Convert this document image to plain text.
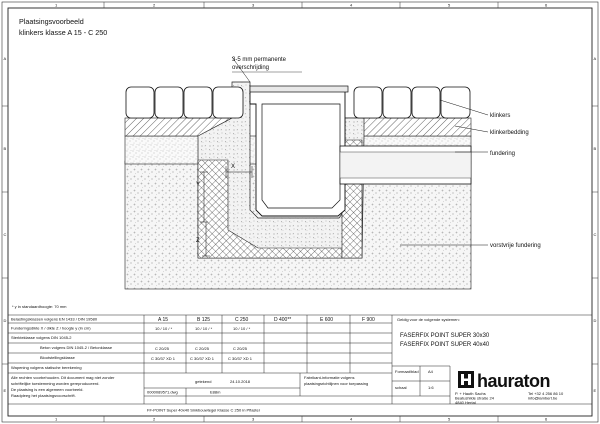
1	2	3	4	5	6
1	2	3	4	5	6
A
B
C
D
E
A
B
C
D
E
Plaatsingsvoorbeeld
klinkers klasse A 15 - C 250
X
Y
Z
3-5 mm permanente
overschrijding
klinkers
klinkerbedding
fundering
vorstvrije fundering
* y in standaardhoogte: 70 mm
Belastingsklassen volgens EN 1433 / DIN 19580	A 15	B 125	C 250	D 400**	E 600	F 900
Funderingsdikte X / dikte Z / hoogte y (in cm)	10 / 10 / *	10 / 10 / *	10 / 10 / *
Sterkteklasse volgens DIN 1045-2
Beton volgens DIN 1045-2 / Betonklasse	C 20/25	C 20/25	C 20/25
Blootstellingsklasse	C 30/37 XD 1	C 30/37 XD 1	C 30/37 XD 1
Wapening volgens statische berekening
Geldig voor de volgende systemen:
FASERFIX POINT SUPER 30x30
FASERFIX POINT SUPER 40x40
Alle rechten voorbehouden. Dit document mag niet zonder
schriftelijke toestemming worden gereproduceerd.
De plaatsing is een algemeen voorbeeld.
Raadpleeg het plaatsingsvoorschrift.
getekend	24.10.2018
Fabrikant-informatie volgens
plaatsingsrichtlijnen voor toepassing
0000089571.dwg	E88m
Formaat/blad A4
schaal	1:6
FF-POINT Super 40x40 Sinkbouwtegel Klasse C 250 in Pflaster
hauraton
P. + Hauth Sachs
Beatushilde straße 24
4840 Hertal
Tel +32 4 256 86 10
info@lambert.be
